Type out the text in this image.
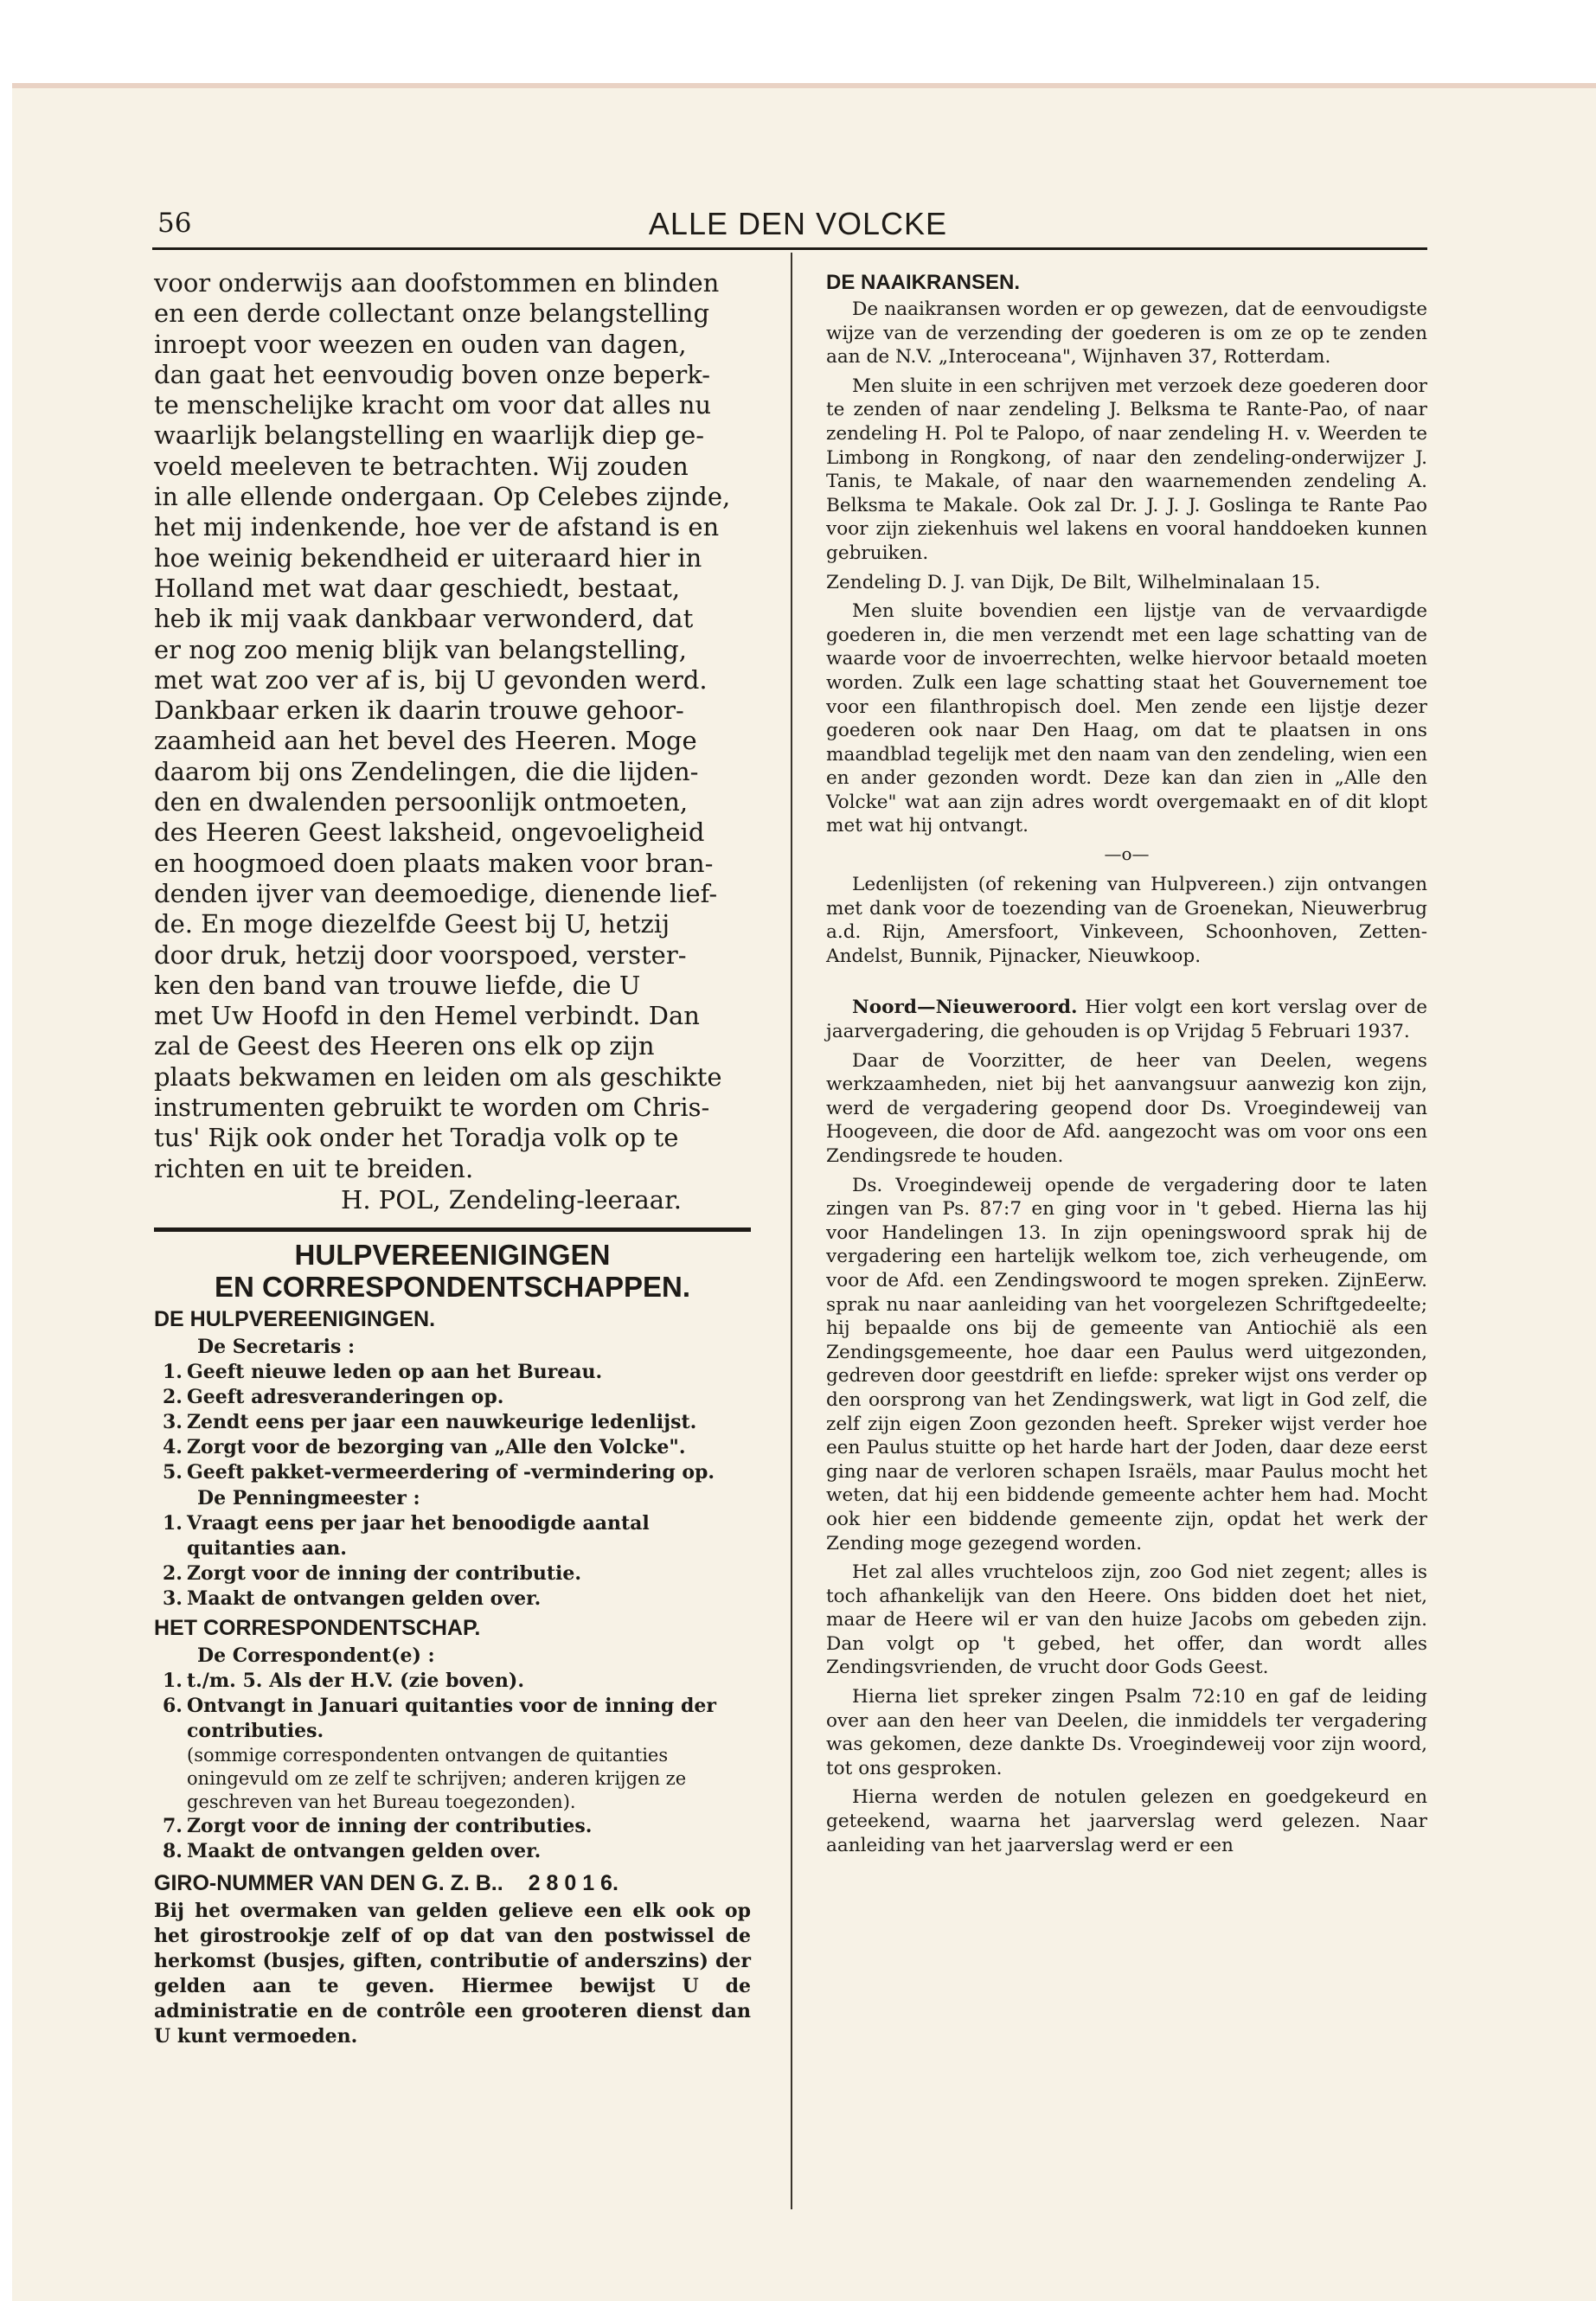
56	ALLE DEN VOLCKE
voor onderwijs aan doofstommen en blinden
en een derde collectant onze belangstelling
inroept voor weezen en ouden van dagen,
dan gaat het eenvoudig boven onze beperk-
te menschelijke kracht om voor dat alles nu
waarlijk belangstelling en waarlijk diep ge-
voeld meeleven te betrachten. Wij zouden
in alle ellende ondergaan. Op Celebes zijnde,
het mij indenkende, hoe ver de afstand is en
hoe weinig bekendheid er uiteraard hier in
Holland met wat daar geschiedt, bestaat,
heb ik mij vaak dankbaar verwonderd, dat
er nog zoo menig blijk van belangstelling,
met wat zoo ver af is, bij U gevonden werd.
Dankbaar erken ik daarin trouwe gehoor-
zaamheid aan het bevel des Heeren. Moge
daarom bij ons Zendelingen, die die lijden-
den en dwalenden persoonlijk ontmoeten,
des Heeren Geest laksheid, ongevoeligheid
en hoogmoed doen plaats maken voor bran-
denden ijver van deemoedige, dienende lief-
de. En moge diezelfde Geest bij U, hetzij
door druk, hetzij door voorspoed, verster-
ken den band van trouwe liefde, die U
met Uw Hoofd in den Hemel verbindt. Dan
zal de Geest des Heeren ons elk op zijn
plaats bekwamen en leiden om als geschikte
instrumenten gebruikt te worden om Chris-
tus' Rijk ook onder het Toradja volk op te
richten en uit te breiden.
H. POL, Zendeling-leeraar.
HULPVEREENIGINGEN
EN CORRESPONDENTSCHAPPEN.
DE HULPVEREENIGINGEN.
De Secretaris :
1. Geeft nieuwe leden op aan het Bureau.
2. Geeft adresveranderingen op.
3. Zendt eens per jaar een nauwkeurige ledenlijst.
4. Zorgt voor de bezorging van „Alle den Volcke".
5. Geeft pakket-vermeerdering of -vermindering op.
De Penningmeester :
1. Vraagt eens per jaar het benoodigde aantal quitanties aan.
2. Zorgt voor de inning der contributie.
3. Maakt de ontvangen gelden over.
HET CORRESPONDENTSCHAP.
De Correspondent(e) :
1. t./m. 5. Als der H.V. (zie boven).
6. Ontvangt in Januari quitanties voor de inning der contributies.
(sommige correspondenten ontvangen de quitanties oningevuld om ze zelf te schrijven; anderen krijgen ze geschreven van het Bureau toegezonden).
7. Zorgt voor de inning der contributies.
8. Maakt de ontvangen gelden over.
GIRO-NUMMER VAN DEN G. Z. B.. 2 8 0 1 6.
Bij het overmaken van gelden gelieve een elk ook op het girostrookje zelf of op dat van den postwissel de herkomst (busjes, giften, contributie of anderszins) der gelden aan te geven. Hiermee bewijst U de administratie en de contrôle een grooteren dienst dan U kunt vermoeden.
DE NAAIKRANSEN.

De naaikransen worden er op gewezen, dat de eenvoudigste wijze van de verzending der goederen is om ze op te zenden aan de N.V. „Interoceana", Wijnhaven 37, Rotterdam.

Men sluite in een schrijven met verzoek deze goederen door te zenden of naar zendeling J. Belksma te Rante-Pao, of naar zendeling H. Pol te Palopo, of naar zendeling H. v. Weerden te Limbong in Rongkong, of naar den zendeling-onderwijzer J. Tanis, te Makale, of naar den waarnemenden zendeling A. Belksma te Makale. Ook zal Dr. J. J. J. Goslinga te Rante Pao voor zijn ziekenhuis wel lakens en vooral handdoeken kunnen gebruiken.

Zendeling D. J. van Dijk, De Bilt, Wilhelminalaan 15.

Men sluite bovendien een lijstje van de vervaardigde goederen in, die men verzendt met een lage schatting van de waarde voor de invoerrechten, welke hiervoor betaald moeten worden. Zulk een lage schatting staat het Gouvernement toe voor een filanthropisch doel. Men zende een lijstje dezer goederen ook naar Den Haag, om dat te plaatsen in ons maandblad tegelijk met den naam van den zendeling, wien een en ander gezonden wordt. Deze kan dan zien in „Alle den Volcke" wat aan zijn adres wordt overgemaakt en of dit klopt met wat hij ontvangt.

—o—

Ledenlijsten (of rekening van Hulpvereen.) zijn ontvangen met dank voor de toezending van de Groenekan, Nieuwerbrug a.d. Rijn, Amersfoort, Vinkeveen, Schoonhoven, Zetten-Andelst, Bunnik, Pijnacker, Nieuwkoop.

Noord—Nieuweroord. Hier volgt een kort verslag over de jaarvergadering, die gehouden is op Vrijdag 5 Februari 1937.

Daar de Voorzitter, de heer van Deelen, wegens werkzaamheden, niet bij het aanvangsuur aanwezig kon zijn, werd de vergadering geopend door Ds. Vroegindeweij van Hoogeveen, die door de Afd. aangezocht was om voor ons een Zendingsrede te houden.

Ds. Vroegindeweij opende de vergadering door te laten zingen van Ps. 87:7 en ging voor in 't gebed. Hierna las hij voor Handelingen 13. In zijn openingswoord sprak hij de vergadering een hartelijk welkom toe, zich verheugende, om voor de Afd. een Zendingswoord te mogen spreken. ZijnEerw. sprak nu naar aanleiding van het voorgelezen Schriftgedeelte; hij bepaalde ons bij de gemeente van Antiochië als een Zendingsgemeente, hoe daar een Paulus werd uitgezonden, gedreven door geestdrift en liefde: spreker wijst ons verder op den oorsprong van het Zendingswerk, wat ligt in God zelf, die zelf zijn eigen Zoon gezonden heeft. Spreker wijst verder hoe een Paulus stuitte op het harde hart der Joden, daar deze eerst ging naar de verloren schapen Israëls, maar Paulus mocht het weten, dat hij een biddende gemeente achter hem had. Mocht ook hier een biddende gemeente zijn, opdat het werk der Zending moge gezegend worden.

Het zal alles vruchteloos zijn, zoo God niet zegent; alles is toch afhankelijk van den Heere. Ons bidden doet het niet, maar de Heere wil er van den huize Jacobs om gebeden zijn. Dan volgt op 't gebed, het offer, dan wordt alles Zendingsvrienden, de vrucht door Gods Geest.

Hierna liet spreker zingen Psalm 72:10 en gaf de leiding over aan den heer van Deelen, die inmiddels ter vergadering was gekomen, deze dankte Ds. Vroegindeweij voor zijn woord, tot ons gesproken.

Hierna werden de notulen gelezen en goedgekeurd en geteekend, waarna het jaarverslag werd gelezen. Naar aanleiding van het jaarverslag werd er een
